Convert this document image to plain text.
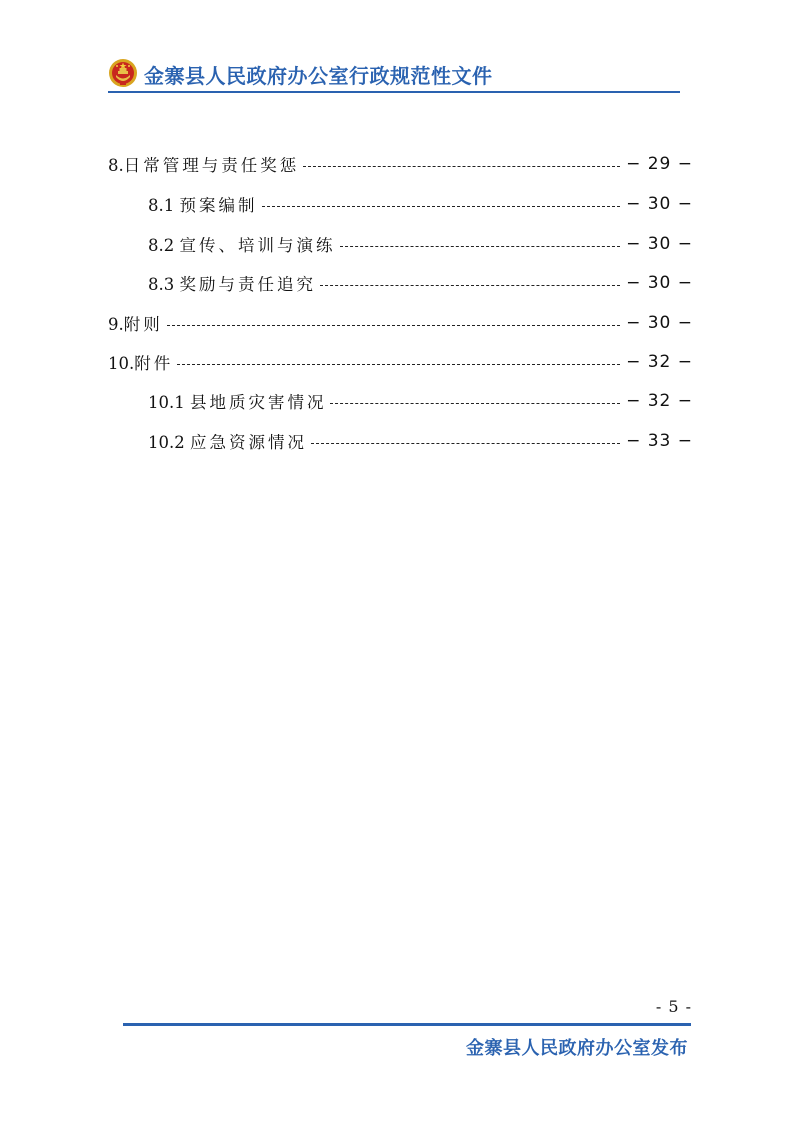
金寨县人民政府办公室行政规范性文件
8.日常管理与责任奖惩	− 29 −
8.1 预案编制	− 30 −
8.2 宣传、培训与演练	− 30 −
8.3 奖励与责任追究	− 30 −
9.附则	− 30 −
10.附件	− 32 −
10.1 县地质灾害情况	− 32 −
10.2 应急资源情况	− 33 −
- 5 -
金寨县人民政府办公室发布
